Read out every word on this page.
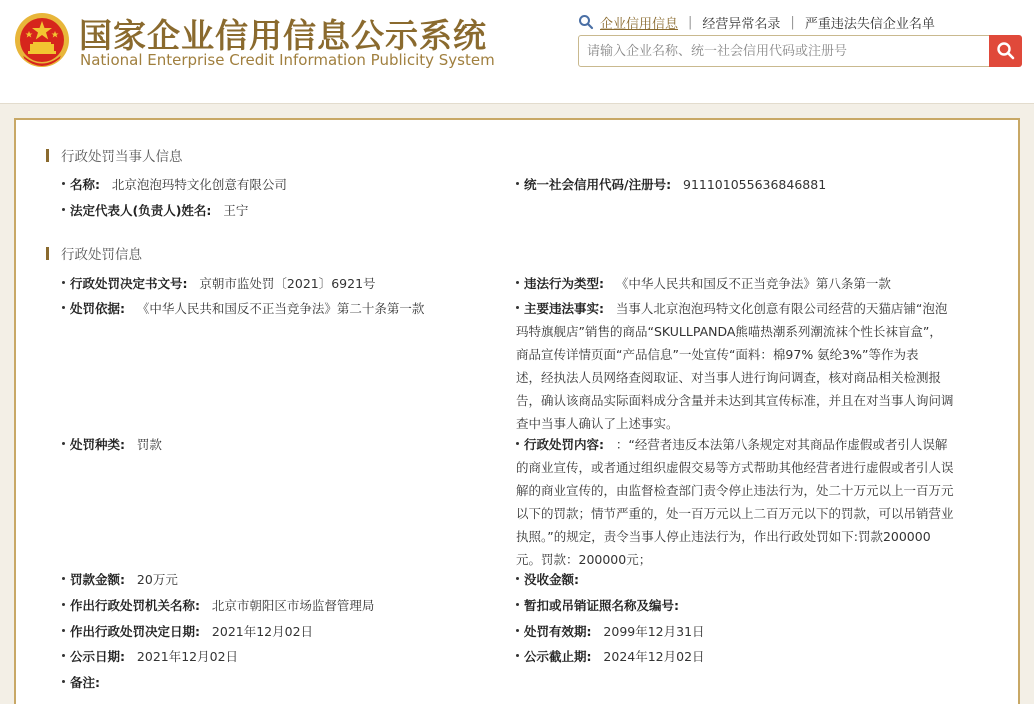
国家企业信用信息公示系统
National Enterprise Credit Information Publicity System
企业信用信息 | 经营异常名录 | 严重违法失信企业名单
请输入企业名称、统一社会信用代码或注册号
行政处罚当事人信息
名称: 北京泡泡玛特文化创意有限公司	统一社会信用代码/注册号: 911101055636846881
法定代表人(负责人)姓名: 王宁
行政处罚信息
行政处罚决定书文号: 京朝市监处罚〔2021〕6921号	违法行为类型: 《中华人民共和国反不正当竞争法》第八条第一款
处罚依据: 《中华人民共和国反不正当竞争法》第二十条第一款	主要违法事实: 当事人北京泡泡玛特文化创意有限公司经营的天猫店铺“泡泡
玛特旗舰店”销售的商品“SKULLPANDA熊喵热潮系列潮流袜个性长袜盲盒”，
商品宣传详情页面“产品信息”一处宣传“面料：棉97% 氨纶3%”等作为表
述，经执法人员网络查阅取证、对当事人进行询问调查，核对商品相关检测报
告，确认该商品实际面料成分含量并未达到其宣传标准，并且在对当事人询问调
查中当事人确认了上述事实。
处罚种类: 罚款	行政处罚内容: ：“经营者违反本法第八条规定对其商品作虚假或者引人误解
的商业宣传，或者通过组织虚假交易等方式帮助其他经营者进行虚假或者引人误
解的商业宣传的，由监督检查部门责令停止违法行为，处二十万元以上一百万元
以下的罚款；情节严重的，处一百万元以上二百万元以下的罚款，可以吊销营业
执照。”的规定，责令当事人停止违法行为，作出行政处罚如下:罚款200000
元。罚款：200000元；
罚款金额: 20万元	没收金额:
作出行政处罚机关名称: 北京市朝阳区市场监督管理局	暂扣或吊销证照名称及编号:
作出行政处罚决定日期: 2021年12月02日	处罚有效期: 2099年12月31日
公示日期: 2021年12月02日	公示截止期: 2024年12月02日
备注:
